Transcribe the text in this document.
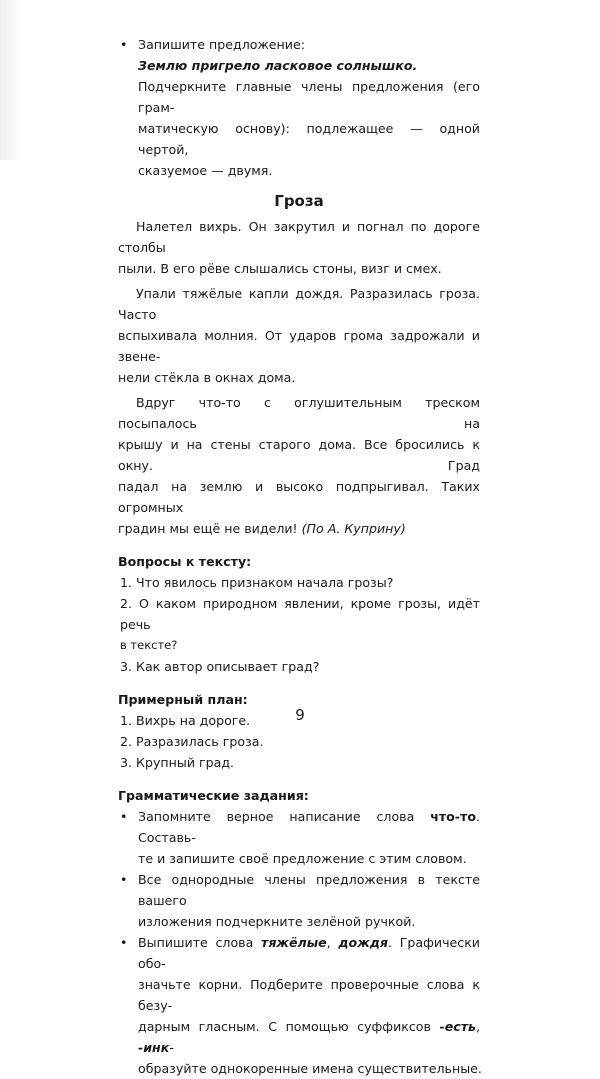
• Запишите предложение:
Землю пригрело ласковое солнышко.
Подчеркните главные члены предложения (его грам-
матическую основу): подлежащее — одной чертой,
сказуемое — двумя.
Гроза
Налетел вихрь. Он закрутил и погнал по дороге столбы
пыли. В его рёве слышались стоны, визг и смех.
Упали тяжёлые капли дождя. Разразилась гроза. Часто
вспыхивала молния. От ударов грома задрожали и звене-
нели стёкла в окнах дома.
Вдруг что-то с оглушительным треском посыпалось на
крышу и на стены старого дома. Все бросились к окну. Град
падал на землю и высоко подпрыгивал. Таких огромных
градин мы ещё не видели! (По А. Куприну)
Вопросы к тексту:
1. Что явилось признаком начала грозы?
2. О каком природном явлении, кроме грозы, идёт речь
в тексте?
3. Как автор описывает град?
Примерный план:
1. Вихрь на дороге.
2. Разразилась гроза.
3. Крупный град.
Грамматические задания:
• Запомните верное написание слова что-то. Составь-
те и запишите своё предложение с этим словом.
• Все однородные члены предложения в тексте вашего
изложения подчеркните зелёной ручкой.
• Выпишите слова тяжёлые, дождя. Графически обо-
значьте корни. Подберите проверочные слова к безу-
дарным гласным. С помощью суффиксов -есть, -инк-
образуйте однокоренные имена существительные.
9
